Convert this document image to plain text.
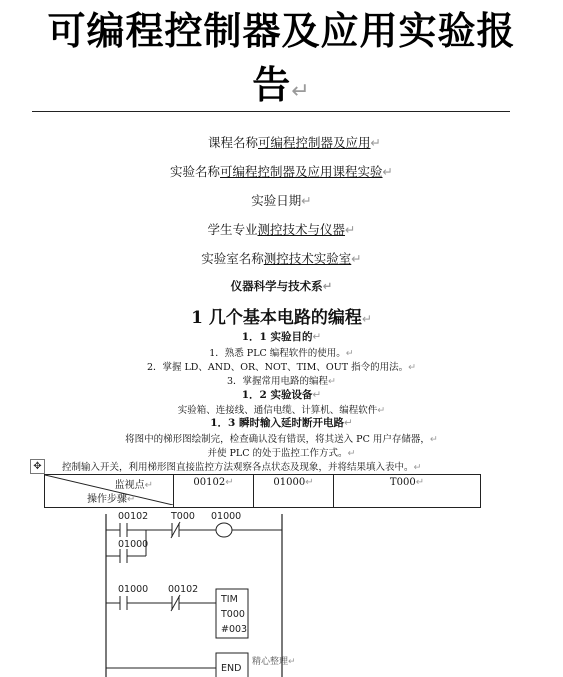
可编程控制器及应用实验报
告↵
课程名称可编程控制器及应用↵
实验名称可编程控制器及应用课程实验↵
实验日期↵
学生专业测控技术与仪器↵
实验室名称测控技术实验室↵
仪器科学与技术系↵
1 几个基本电路的编程↵
1．1 实验目的↵
1．熟悉 PLC 编程软件的使用。↵
2．掌握 LD、AND、OR、NOT、TIM、OUT 指令的用法。↵
3．掌握常用电路的编程↵
1．2 实验设备↵
实验箱、连接线、通信电缆、计算机、编程软件↵
1．3 瞬时输入延时断开电路↵
将图中的梯形图绘制完，检查确认没有错误，将其送入 PC 用户存储器，↵
并使 PLC 的处于监控工作方式。↵
✥	控制输入开关，利用梯形图直接监控方法观察各点状态及现象，并将结果填入表中。↵
监视点↵
操作步骤↵
	00102↵	01000↵	T000↵
00102 T000 01000
01000
01000 00102
TIM
T000
#003
END
精心整理↵
